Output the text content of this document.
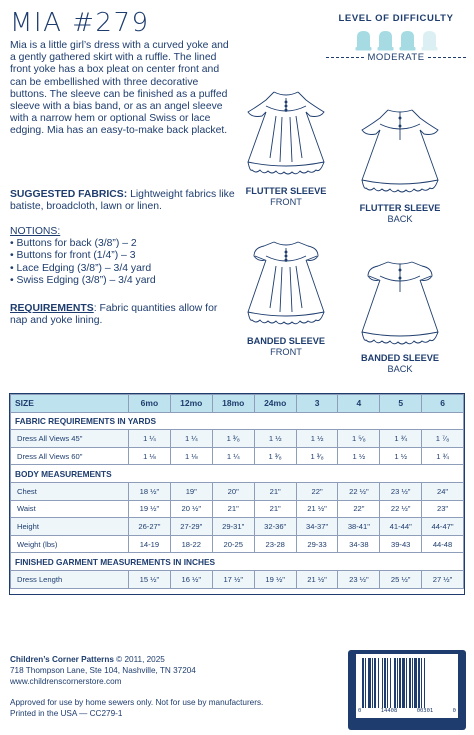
MIA #279	LEVEL OF DIFFICULTY
MODERATE

Mia is a little girl’s dress with a curved yoke and a gently gathered skirt with a ruffle. The lined front yoke has a box pleat on center front and can be embellished with three decorative buttons. The sleeve can be finished as a puffed sleeve with a bias band, or as an angel sleeve with a narrow hem or optional Swiss or lace edging. Mia has an easy-to-make back placket.

SUGGESTED FABRICS: Lightweight fabrics like batiste, broadcloth, lawn or linen.

NOTIONS:
• Buttons for back (3/8”) – 2
• Buttons for front (1/4”) – 3
• Lace Edging (3/8”) – 3/4 yard
• Swiss Edging (3/8”) – 3/4 yard

REQUIREMENTS: Fabric quantities allow for nap and yoke lining.

FLUTTER SLEEVE
FRONT
FLUTTER SLEEVE
BACK
BANDED SLEEVE
FRONT
BANDED SLEEVE
BACK
SIZE	6mo	12mo	18mo	24mo	3	4	5	6
FABRIC REQUIREMENTS IN YARDS								
Dress All Views 45"	1 ¼	1 ¼	1 ³⁄₈	1 ½	1 ½	1 ⁵⁄₈	1 ¾	1 ⁷⁄₈
Dress All Views 60"	1 ⅛	1 ⅛	1 ¼	1 ³⁄₈	1 ³⁄₈	1 ½	1 ½	1 ¾
BODY MEASUREMENTS								
Chest	18 ½"	19"	20"	21"	22"	22 ½"	23 ½"	24"
Waist	19 ½"	20 ½"	21"	21"	21 ½"	22"	22 ½"	23"
Height	26-27"	27-29"	29-31"	32-36"	34-37"	38-41"	41-44"	44-47"
Weight (lbs)	14-19	18-22	20-25	23-28	29-33	34-38	39-43	44-48
FINISHED GARMENT MEASUREMENTS IN INCHES								
Dress Length	15 ½"	16 ½"	17 ½"	19 ½"	21 ½"	23 ½"	25 ½"	27 ½"
Children’s Corner Patterns © 2011, 2025
718 Thompson Lane, Ste 104, Nashville, TN 37204
www.childrenscornerstore.com
Approved for use by home sewers only. Not for use by manufacturers.
Printed in the USA — CC279-1	0	14408	00301	0
